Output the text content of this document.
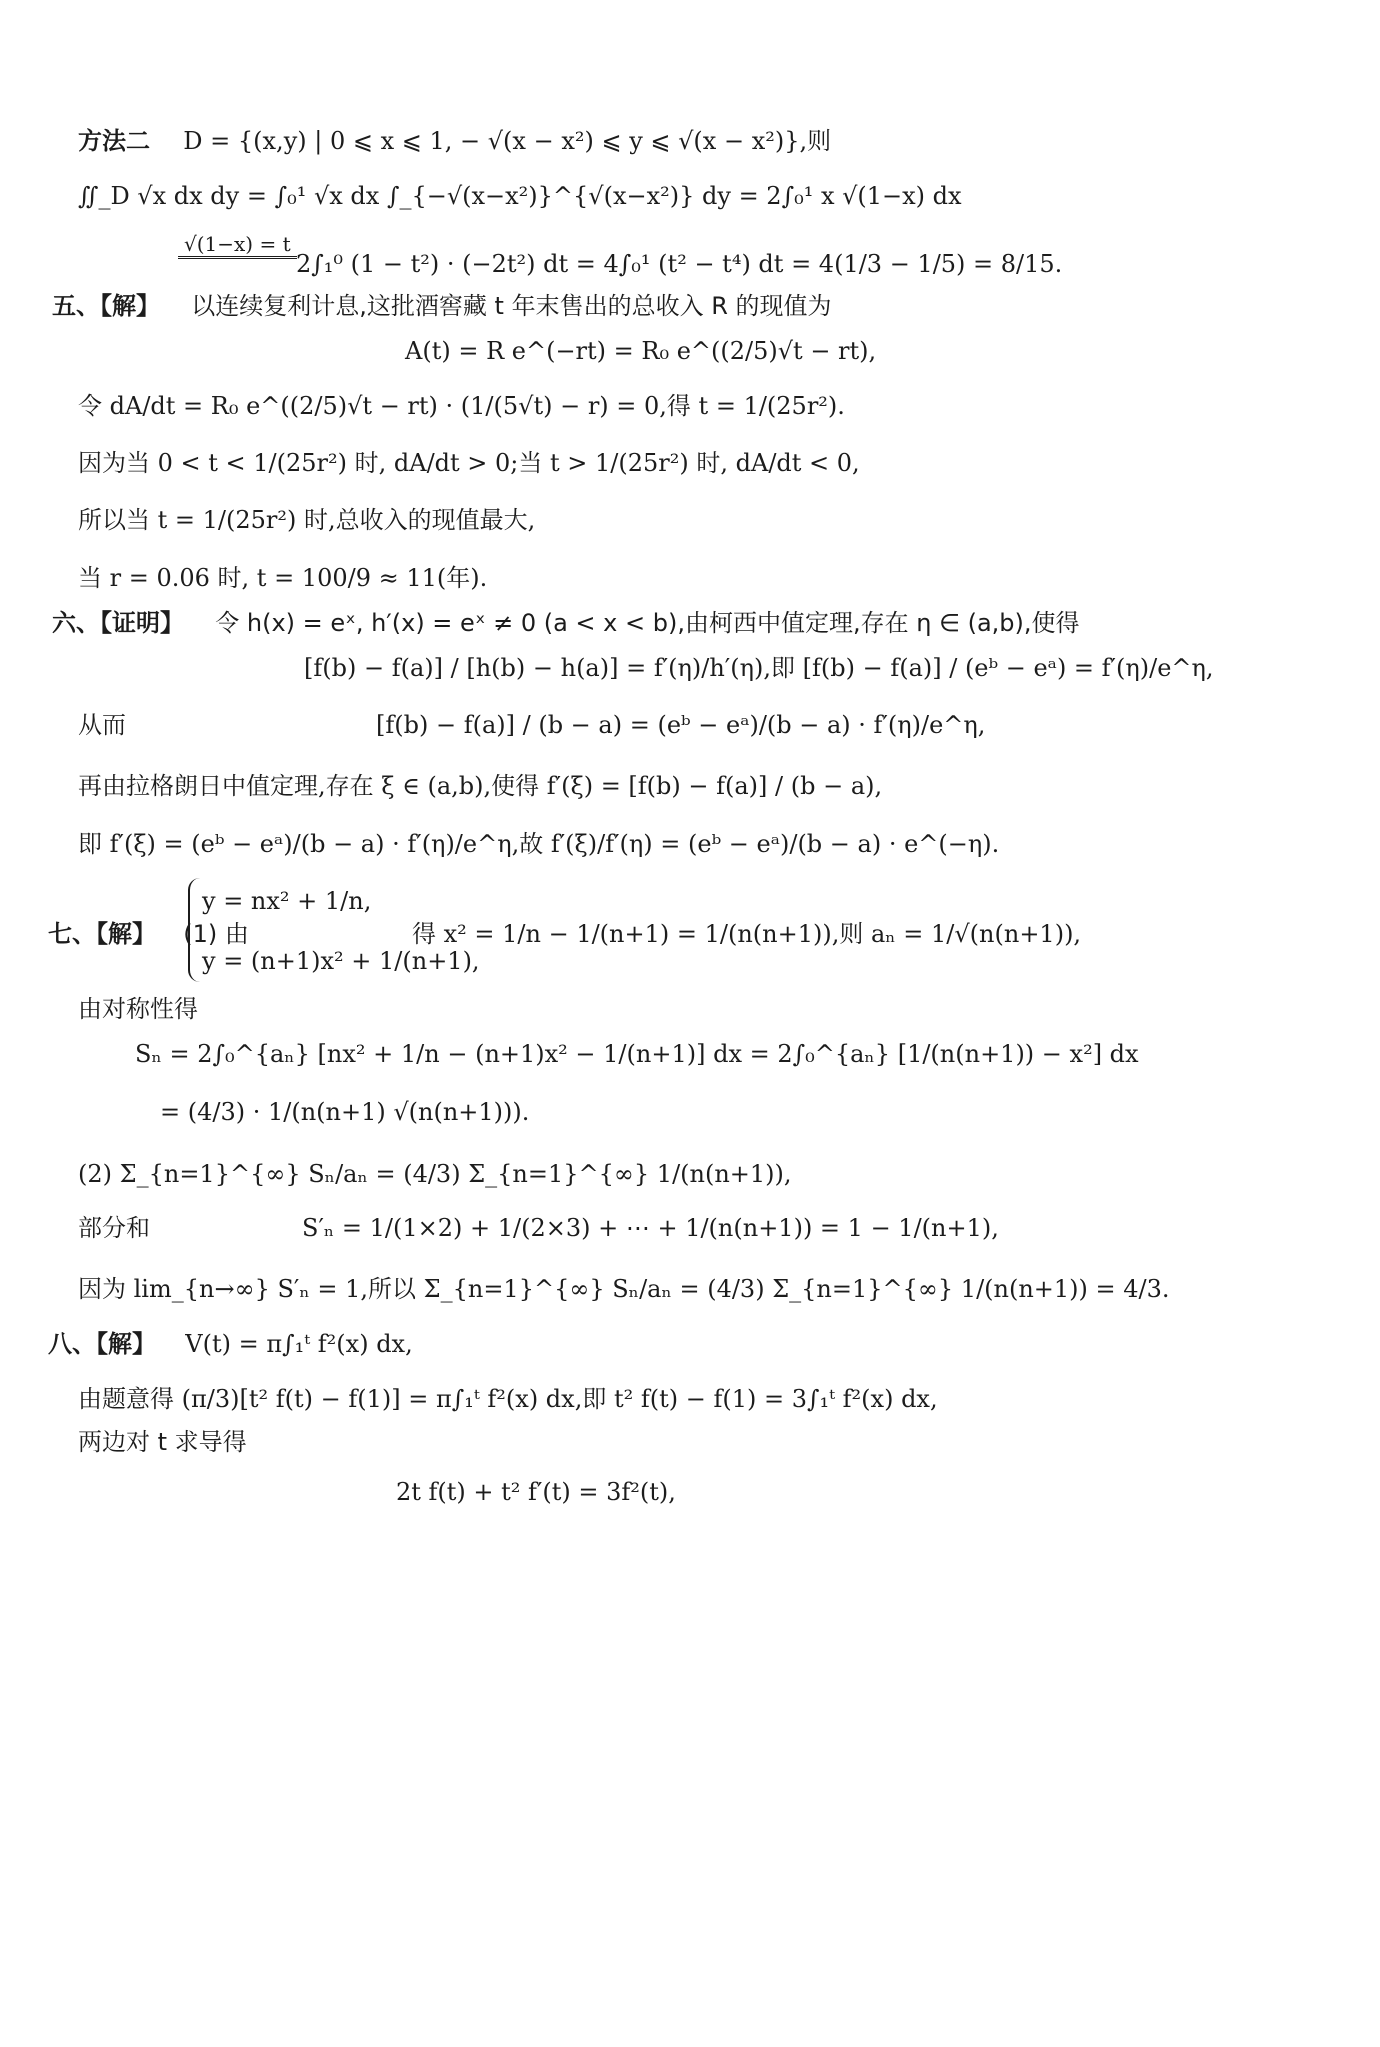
方法二 D = {(x,y) | 0 ⩽ x ⩽ 1, − √(x − x²) ⩽ y ⩽ √(x − x²)},则
∬_D √x dx dy = ∫₀¹ √x dx ∫_{−√(x−x²)}^{√(x−x²)} dy = 2∫₀¹ x √(1−x) dx
√(1−x) = t
2∫₁⁰ (1 − t²) · (−2t²) dt = 4∫₀¹ (t² − t⁴) dt = 4(1/3 − 1/5) = 8/15.
五、【解】 以连续复利计息,这批酒窖藏 t 年末售出的总收入 R 的现值为
A(t) = R e^(−rt) = R₀ e^((2/5)√t − rt),
令 dA/dt = R₀ e^((2/5)√t − rt) · (1/(5√t) − r) = 0,得 t = 1/(25r²).
因为当 0 < t < 1/(25r²) 时, dA/dt > 0;当 t > 1/(25r²) 时, dA/dt < 0,
所以当 t = 1/(25r²) 时,总收入的现值最大,
当 r = 0.06 时, t = 100/9 ≈ 11(年).
六、【证明】 令 h(x) = eˣ, h′(x) = eˣ ≠ 0 (a < x < b),由柯西中值定理,存在 η ∈ (a,b),使得
[f(b) − f(a)] / [h(b) − h(a)] = f′(η)/h′(η),即 [f(b) − f(a)] / (eᵇ − eᵃ) = f′(η)/e^η,
从而	[f(b) − f(a)] / (b − a) = (eᵇ − eᵃ)/(b − a) · f′(η)/e^η,
再由拉格朗日中值定理,存在 ξ ∈ (a,b),使得 f′(ξ) = [f(b) − f(a)] / (b − a),
即 f′(ξ) = (eᵇ − eᵃ)/(b − a) · f′(η)/e^η,故 f′(ξ)/f′(η) = (eᵇ − eᵃ)/(b − a) · e^(−η).
七、【解】 (1) 由
y = nx² + 1/n,
y = (n+1)x² + 1/(n+1),
得 x² = 1/n − 1/(n+1) = 1/(n(n+1)),则 aₙ = 1/√(n(n+1)),
由对称性得
Sₙ = 2∫₀^{aₙ} [nx² + 1/n − (n+1)x² − 1/(n+1)] dx = 2∫₀^{aₙ} [1/(n(n+1)) − x²] dx
= (4/3) · 1/(n(n+1) √(n(n+1))).
(2) Σ_{n=1}^{∞} Sₙ/aₙ = (4/3) Σ_{n=1}^{∞} 1/(n(n+1)),
部分和	S′ₙ = 1/(1×2) + 1/(2×3) + ⋯ + 1/(n(n+1)) = 1 − 1/(n+1),
因为 lim_{n→∞} S′ₙ = 1,所以 Σ_{n=1}^{∞} Sₙ/aₙ = (4/3) Σ_{n=1}^{∞} 1/(n(n+1)) = 4/3.
八、【解】 V(t) = π∫₁ᵗ f²(x) dx,
由题意得 (π/3)[t² f(t) − f(1)] = π∫₁ᵗ f²(x) dx,即 t² f(t) − f(1) = 3∫₁ᵗ f²(x) dx,
两边对 t 求导得
2t f(t) + t² f′(t) = 3f²(t),
